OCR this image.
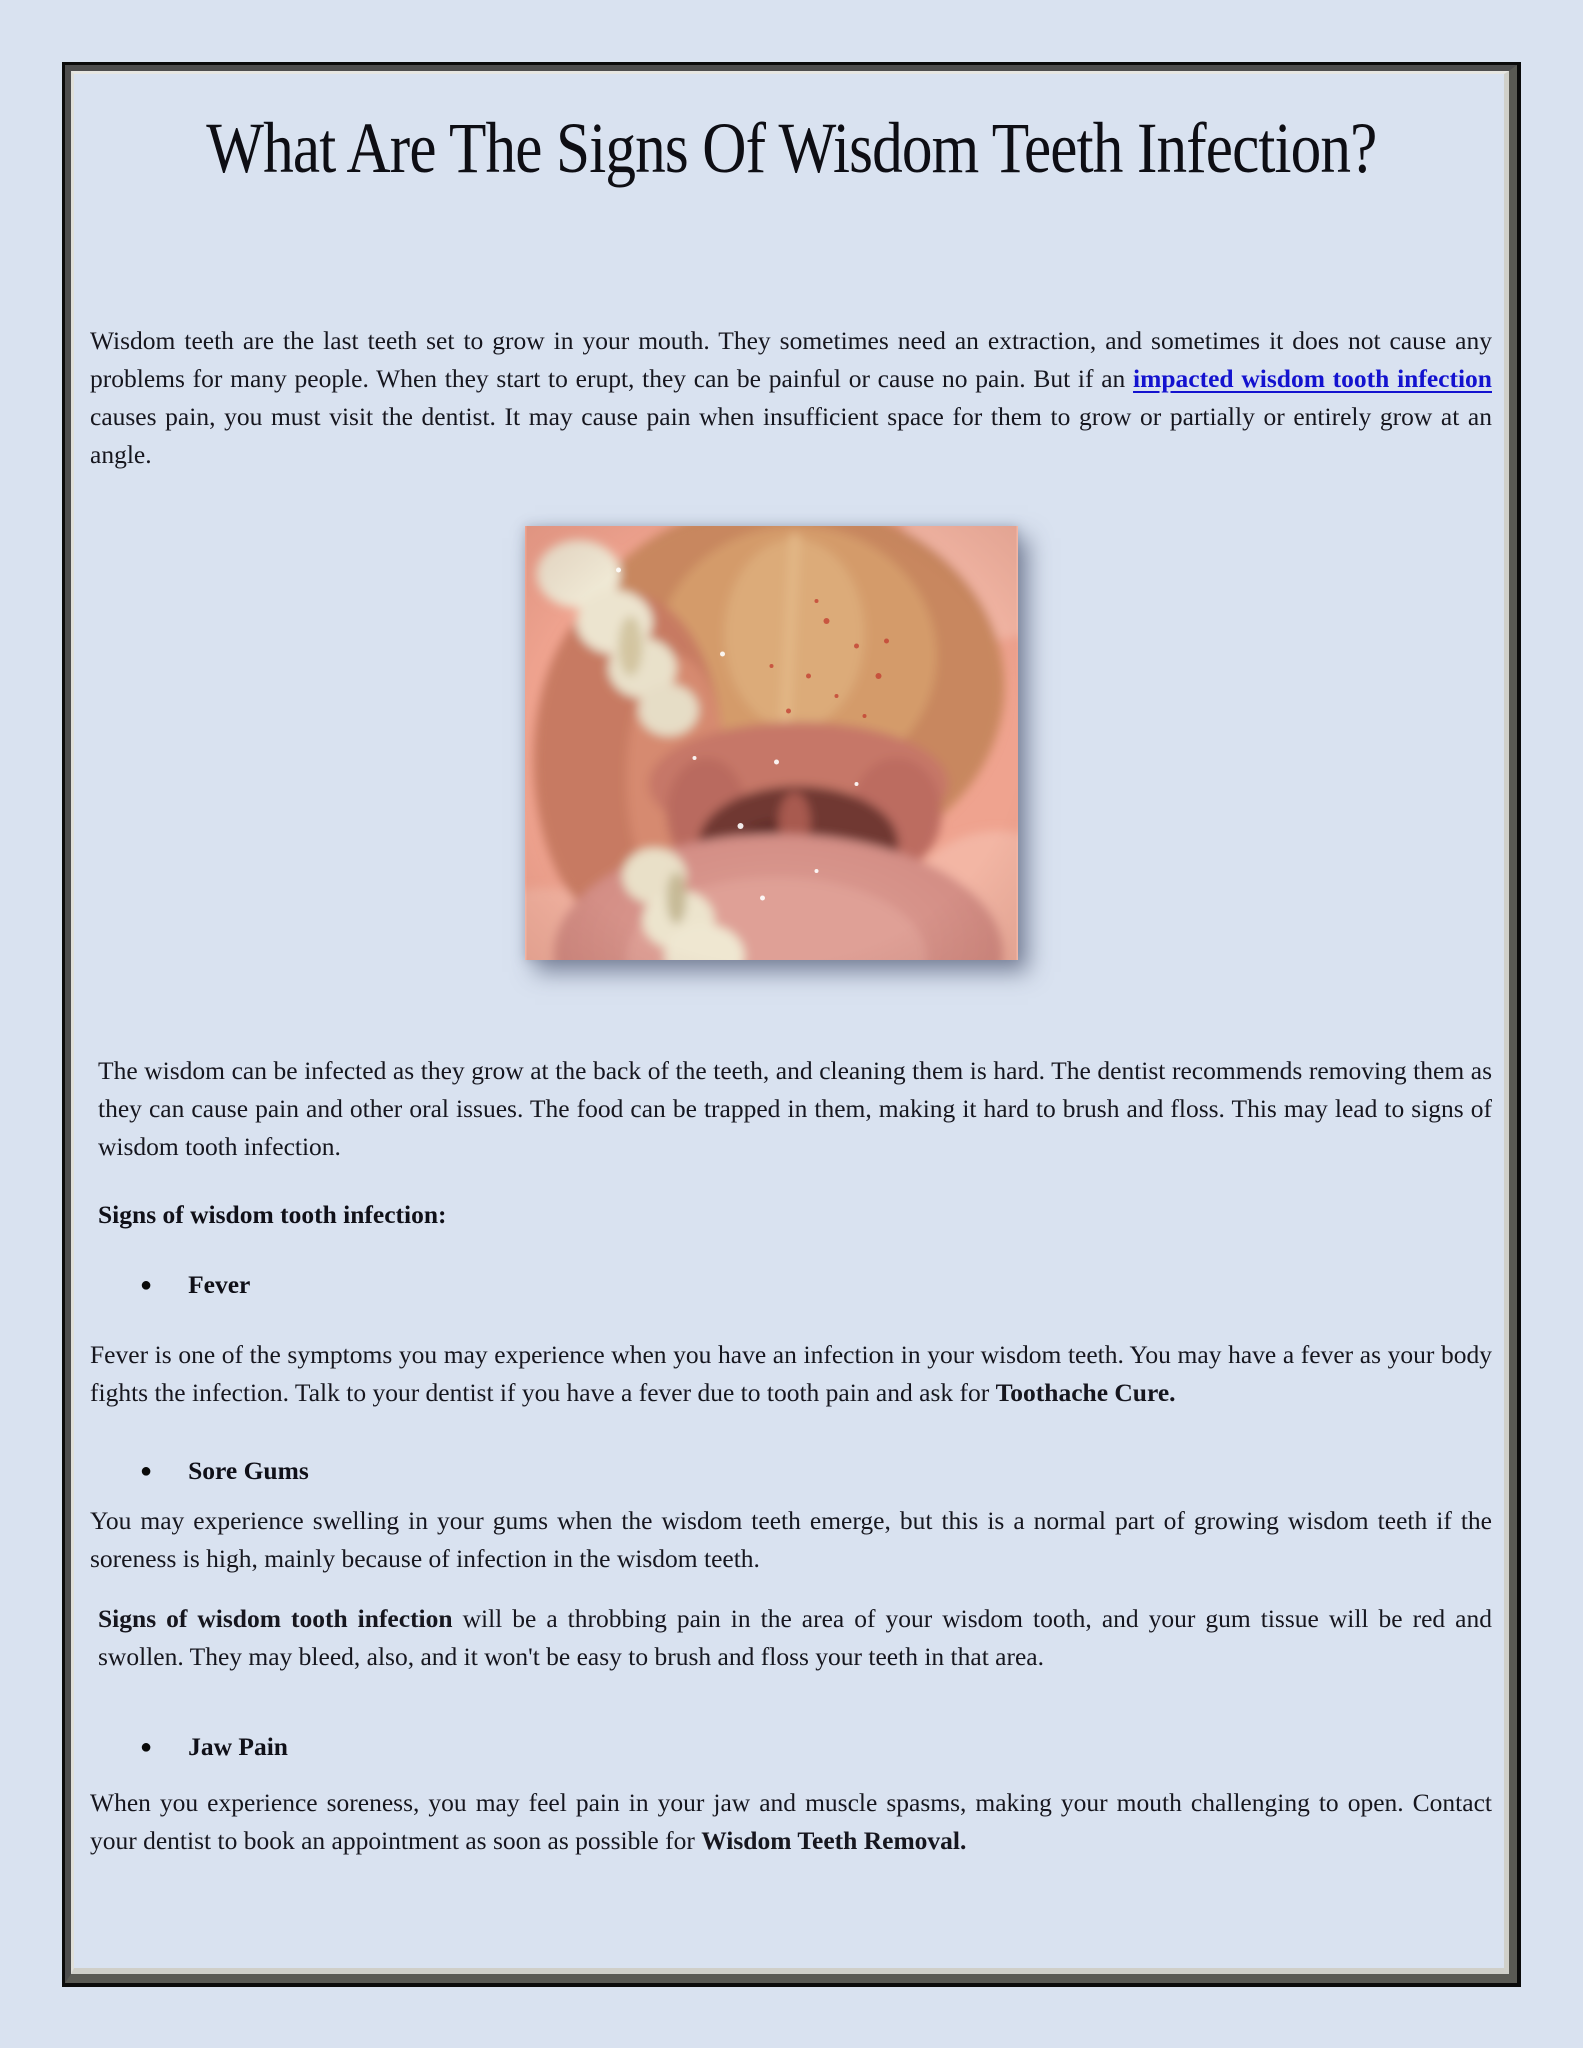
What Are The Signs Of Wisdom Teeth Infection?

Wisdom teeth are the last teeth set to grow in your mouth. They sometimes need an extraction, and sometimes it does not cause any problems for many people. When they start to erupt, they can be painful or cause no pain. But if an impacted wisdom tooth infection causes pain, you must visit the dentist. It may cause pain when insufficient space for them to grow or partially or entirely grow at an angle.

The wisdom can be infected as they grow at the back of the teeth, and cleaning them is hard. The dentist recommends removing them as they can cause pain and other oral issues. The food can be trapped in them, making it hard to brush and floss. This may lead to signs of wisdom tooth infection.

Signs of wisdom tooth infection:
● Fever

Fever is one of the symptoms you may experience when you have an infection in your wisdom teeth. You may have a fever as your body fights the infection. Talk to your dentist if you have a fever due to tooth pain and ask for Toothache Cure.

● Sore Gums

You may experience swelling in your gums when the wisdom teeth emerge, but this is a normal part of growing wisdom teeth if the soreness is high, mainly because of infection in the wisdom teeth.

Signs of wisdom tooth infection will be a throbbing pain in the area of your wisdom tooth, and your gum tissue will be red and swollen. They may bleed, also, and it won't be easy to brush and floss your teeth in that area.

● Jaw Pain

When you experience soreness, you may feel pain in your jaw and muscle spasms, making your mouth challenging to open. Contact your dentist to book an appointment as soon as possible for Wisdom Teeth Removal.
